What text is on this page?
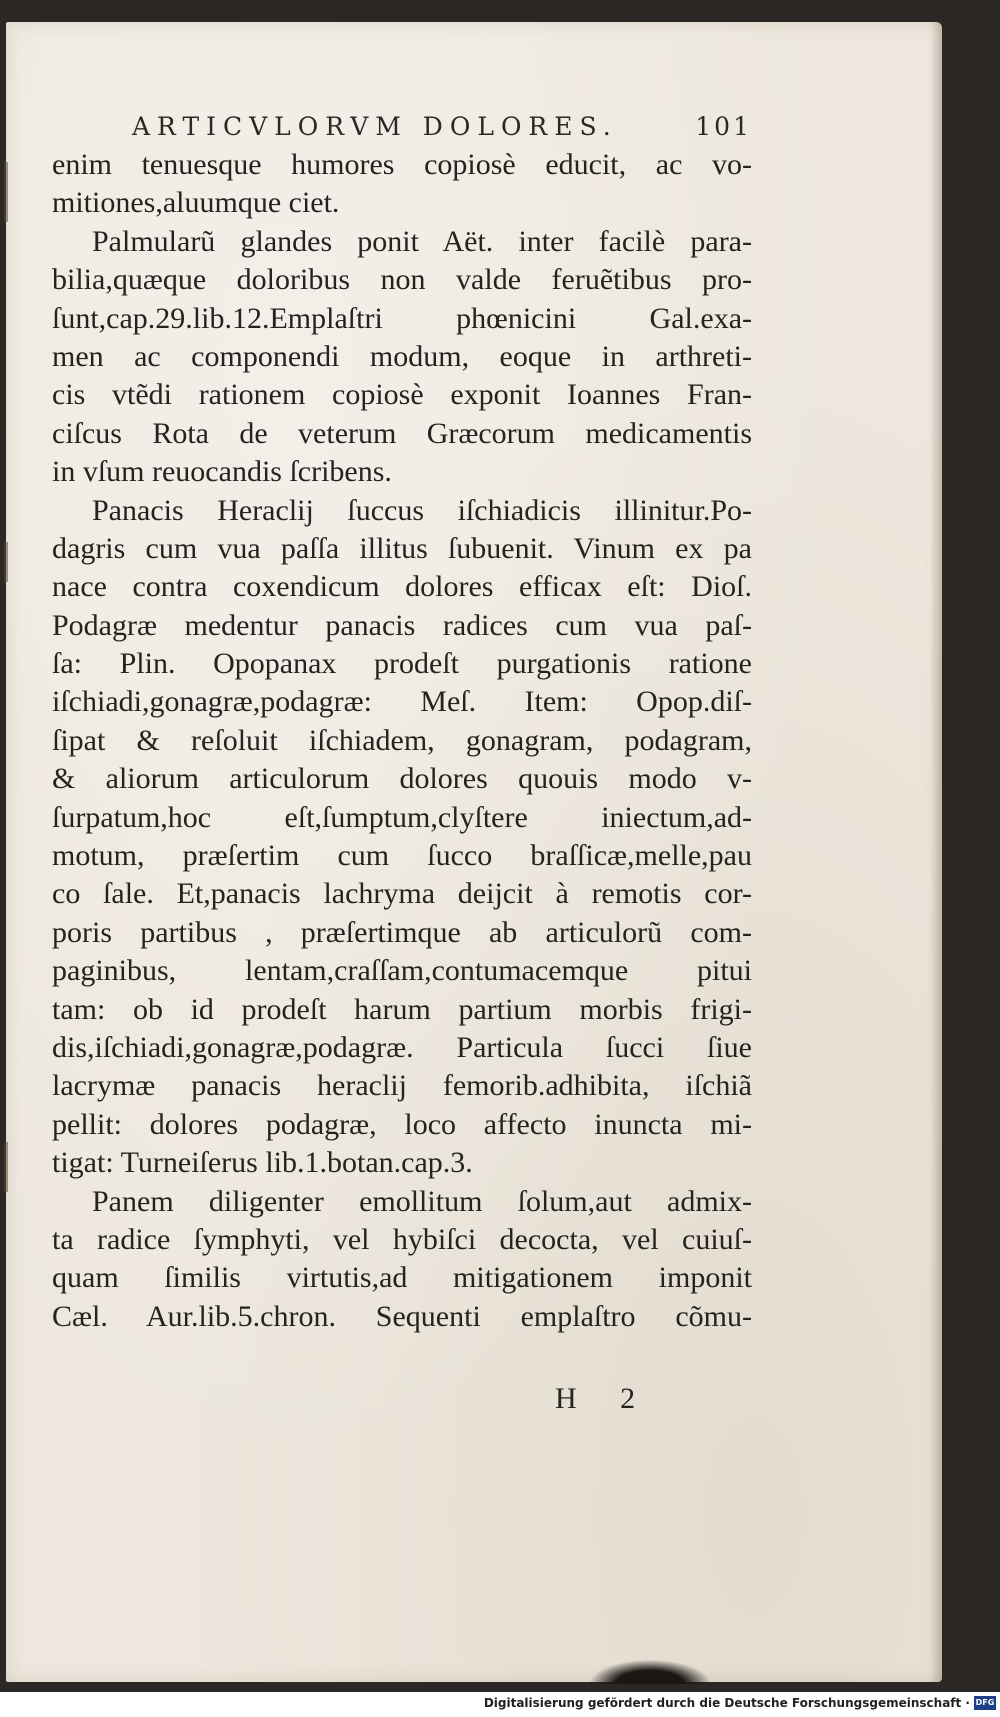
ARTICVLORVM DOLORES.	101
enim tenuesque humores copiosè educit, ac vo-
mitiones,aluumque ciet.
Palmularũ glandes ponit Aët. inter facilè para-
bilia,quæque doloribus non valde feruẽtibus pro-
ſunt,cap.29.lib.12.Emplaſtri phœnicini Gal.exa-
men ac componendi modum, eoque in arthreti-
cis vtẽdi rationem copiosè exponit Ioannes Fran-
ciſcus Rota de veterum Græcorum medicamentis
in vſum reuocandis ſcribens.
Panacis Heraclij ſuccus iſchiadicis illinitur.Po-
dagris cum vua paſſa illitus ſubuenit. Vinum ex pa
nace contra coxendicum dolores efficax eſt: Dioſ.
Podagræ medentur panacis radices cum vua paſ-
ſa: Plin. Opopanax prodeſt purgationis ratione
iſchiadi,gonagræ,podagræ: Meſ. Item: Opop.diſ-
ſipat & reſoluit iſchiadem, gonagram, podagram,
& aliorum articulorum dolores quouis modo v-
ſurpatum,hoc eſt,ſumptum,clyſtere iniectum,ad-
motum, præſertim cum ſucco braſſicæ,melle,pau
co ſale. Et,panacis lachryma deijcit à remotis cor-
poris partibus , præſertimque ab articulorũ com-
paginibus, lentam,craſſam,contumacemque pitui
tam: ob id prodeſt harum partium morbis frigi-
dis,iſchiadi,gonagræ,podagræ. Particula ſucci ſiue
lacrymæ panacis heraclij femorib.adhibita, iſchiã
pellit: dolores podagræ, loco affecto inuncta mi-
tigat: Turneiſerus lib.1.botan.cap.3.
Panem diligenter emollitum ſolum,aut admix-
ta radice ſymphyti, vel hybiſci decocta, vel cuiuſ-
quam ſimilis virtutis,ad mitigationem imponit
Cæl. Aur.lib.5.chron. Sequenti emplaſtro cõmu-
H 2
Digitalisierung gefördert durch die Deutsche Forschungsgemeinschaft · DFG
